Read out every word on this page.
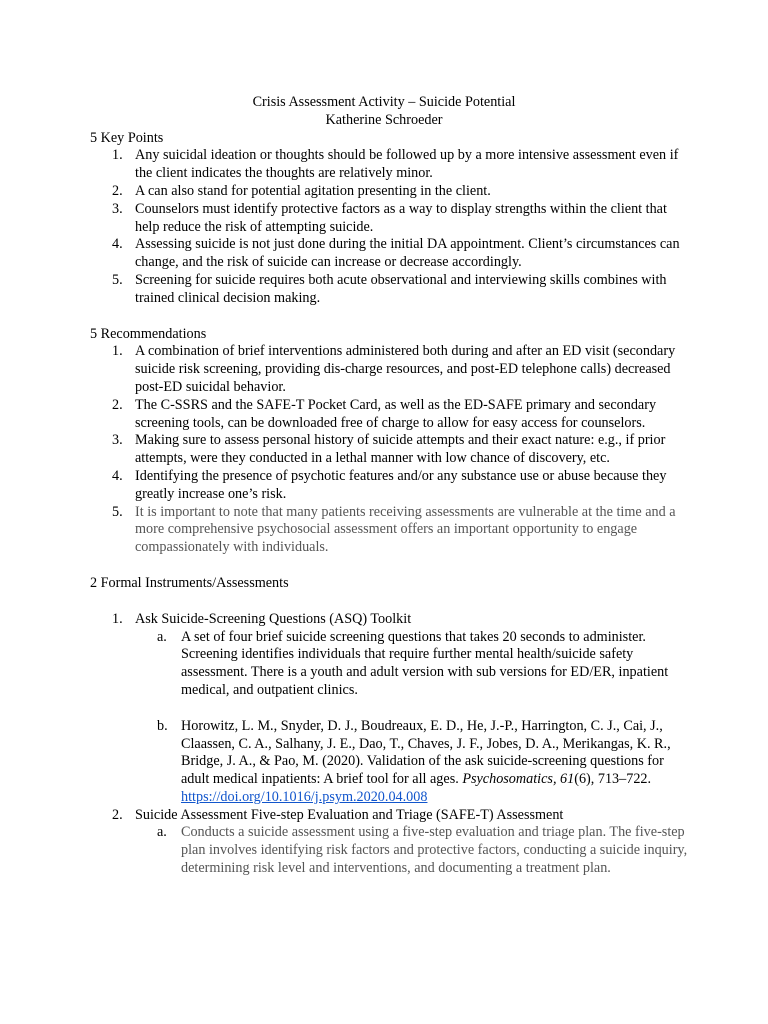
Crisis Assessment Activity – Suicide Potential
Katherine Schroeder
5 Key Points
1. Any suicidal ideation or thoughts should be followed up by a more intensive assessment even if the client indicates the thoughts are relatively minor.
2. A can also stand for potential agitation presenting in the client.
3. Counselors must identify protective factors as a way to display strengths within the client that help reduce the risk of attempting suicide.
4. Assessing suicide is not just done during the initial DA appointment. Client’s circumstances can change, and the risk of suicide can increase or decrease accordingly.
5. Screening for suicide requires both acute observational and interviewing skills combines with trained clinical decision making.
5 Recommendations
1. A combination of brief interventions administered both during and after an ED visit (secondary suicide risk screening, providing dis-charge resources, and post-ED telephone calls) decreased post-ED suicidal behavior.
2. The C-SSRS and the SAFE-T Pocket Card, as well as the ED-SAFE primary and secondary screening tools, can be downloaded free of charge to allow for easy access for counselors.
3. Making sure to assess personal history of suicide attempts and their exact nature: e.g., if prior attempts, were they conducted in a lethal manner with low chance of discovery, etc.
4. Identifying the presence of psychotic features and/or any substance use or abuse because they greatly increase one’s risk.
5. It is important to note that many patients receiving assessments are vulnerable at the time and a more comprehensive psychosocial assessment offers an important opportunity to engage compassionately with individuals.
2 Formal Instruments/Assessments
1. Ask Suicide-Screening Questions (ASQ) Toolkit
a. A set of four brief suicide screening questions that takes 20 seconds to administer. Screening identifies individuals that require further mental health/suicide safety assessment. There is a youth and adult version with sub versions for ED/ER, inpatient medical, and outpatient clinics.
b. Horowitz, L. M., Snyder, D. J., Boudreaux, E. D., He, J.-P., Harrington, C. J., Cai, J., Claassen, C. A., Salhany, J. E., Dao, T., Chaves, J. F., Jobes, D. A., Merikangas, K. R., Bridge, J. A., & Pao, M. (2020). Validation of the ask suicide-screening questions for adult medical inpatients: A brief tool for all ages. Psychosomatics, 61(6), 713–722. https://doi.org/10.1016/j.psym.2020.04.008
2. Suicide Assessment Five-step Evaluation and Triage (SAFE-T) Assessment
a. Conducts a suicide assessment using a five-step evaluation and triage plan. The five-step plan involves identifying risk factors and protective factors, conducting a suicide inquiry, determining risk level and interventions, and documenting a treatment plan.
